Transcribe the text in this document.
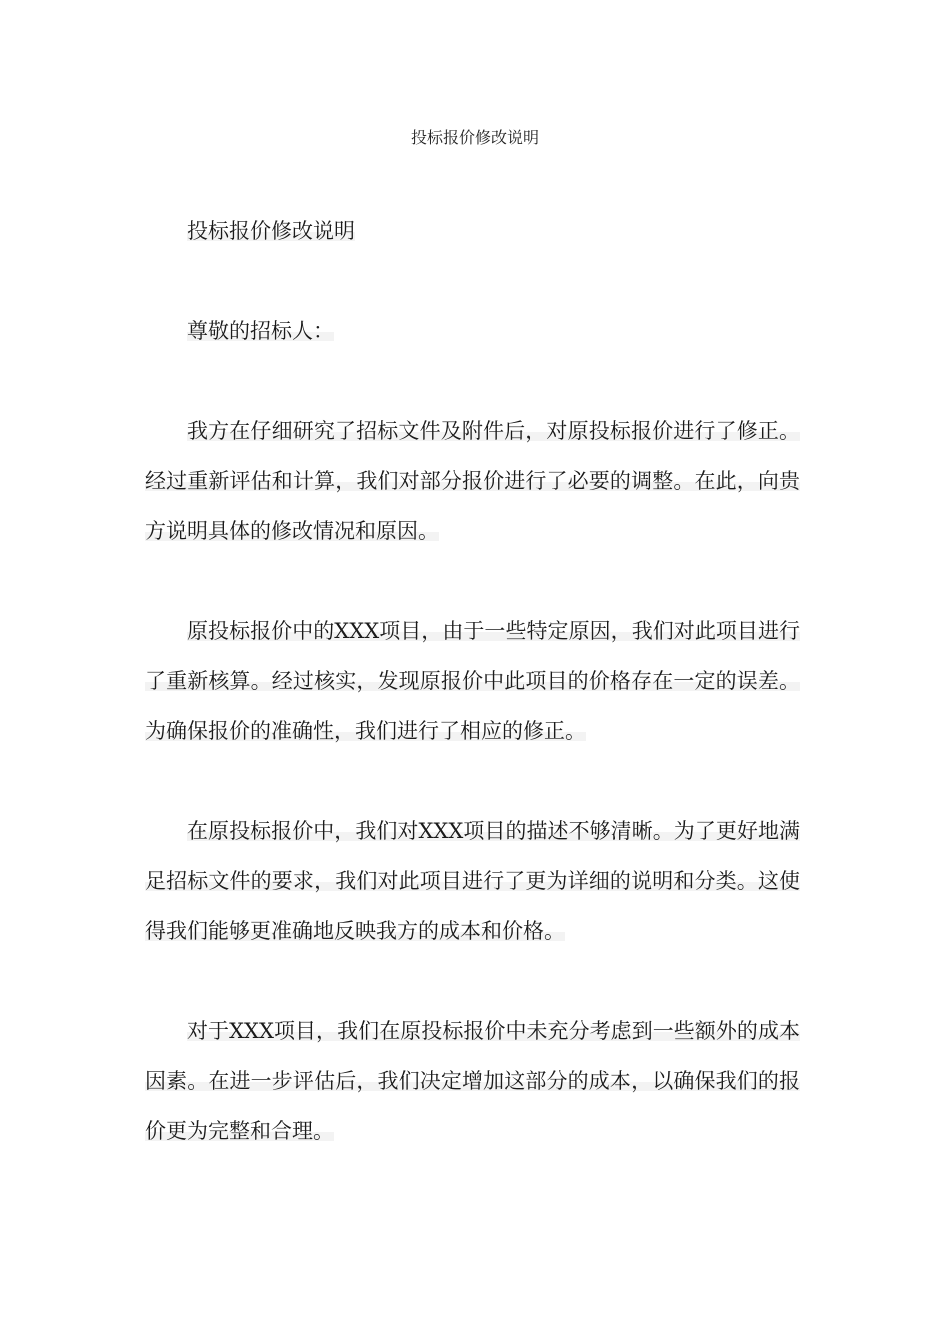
投标报价修改说明

投标报价修改说明

尊敬的招标人：

我方在仔细研究了招标文件及附件后，对原投标报价进行了修正。经过重新评估和计算，我们对部分报价进行了必要的调整。在此，向贵方说明具体的修改情况和原因。

原投标报价中的XXX项目，由于一些特定原因，我们对此项目进行了重新核算。经过核实，发现原报价中此项目的价格存在一定的误差。为确保报价的准确性，我们进行了相应的修正。

在原投标报价中，我们对XXX项目的描述不够清晰。为了更好地满足招标文件的要求，我们对此项目进行了更为详细的说明和分类。这使得我们能够更准确地反映我方的成本和价格。

对于XXX项目，我们在原投标报价中未充分考虑到一些额外的成本因素。在进一步评估后，我们决定增加这部分的成本，以确保我们的报价更为完整和合理。
